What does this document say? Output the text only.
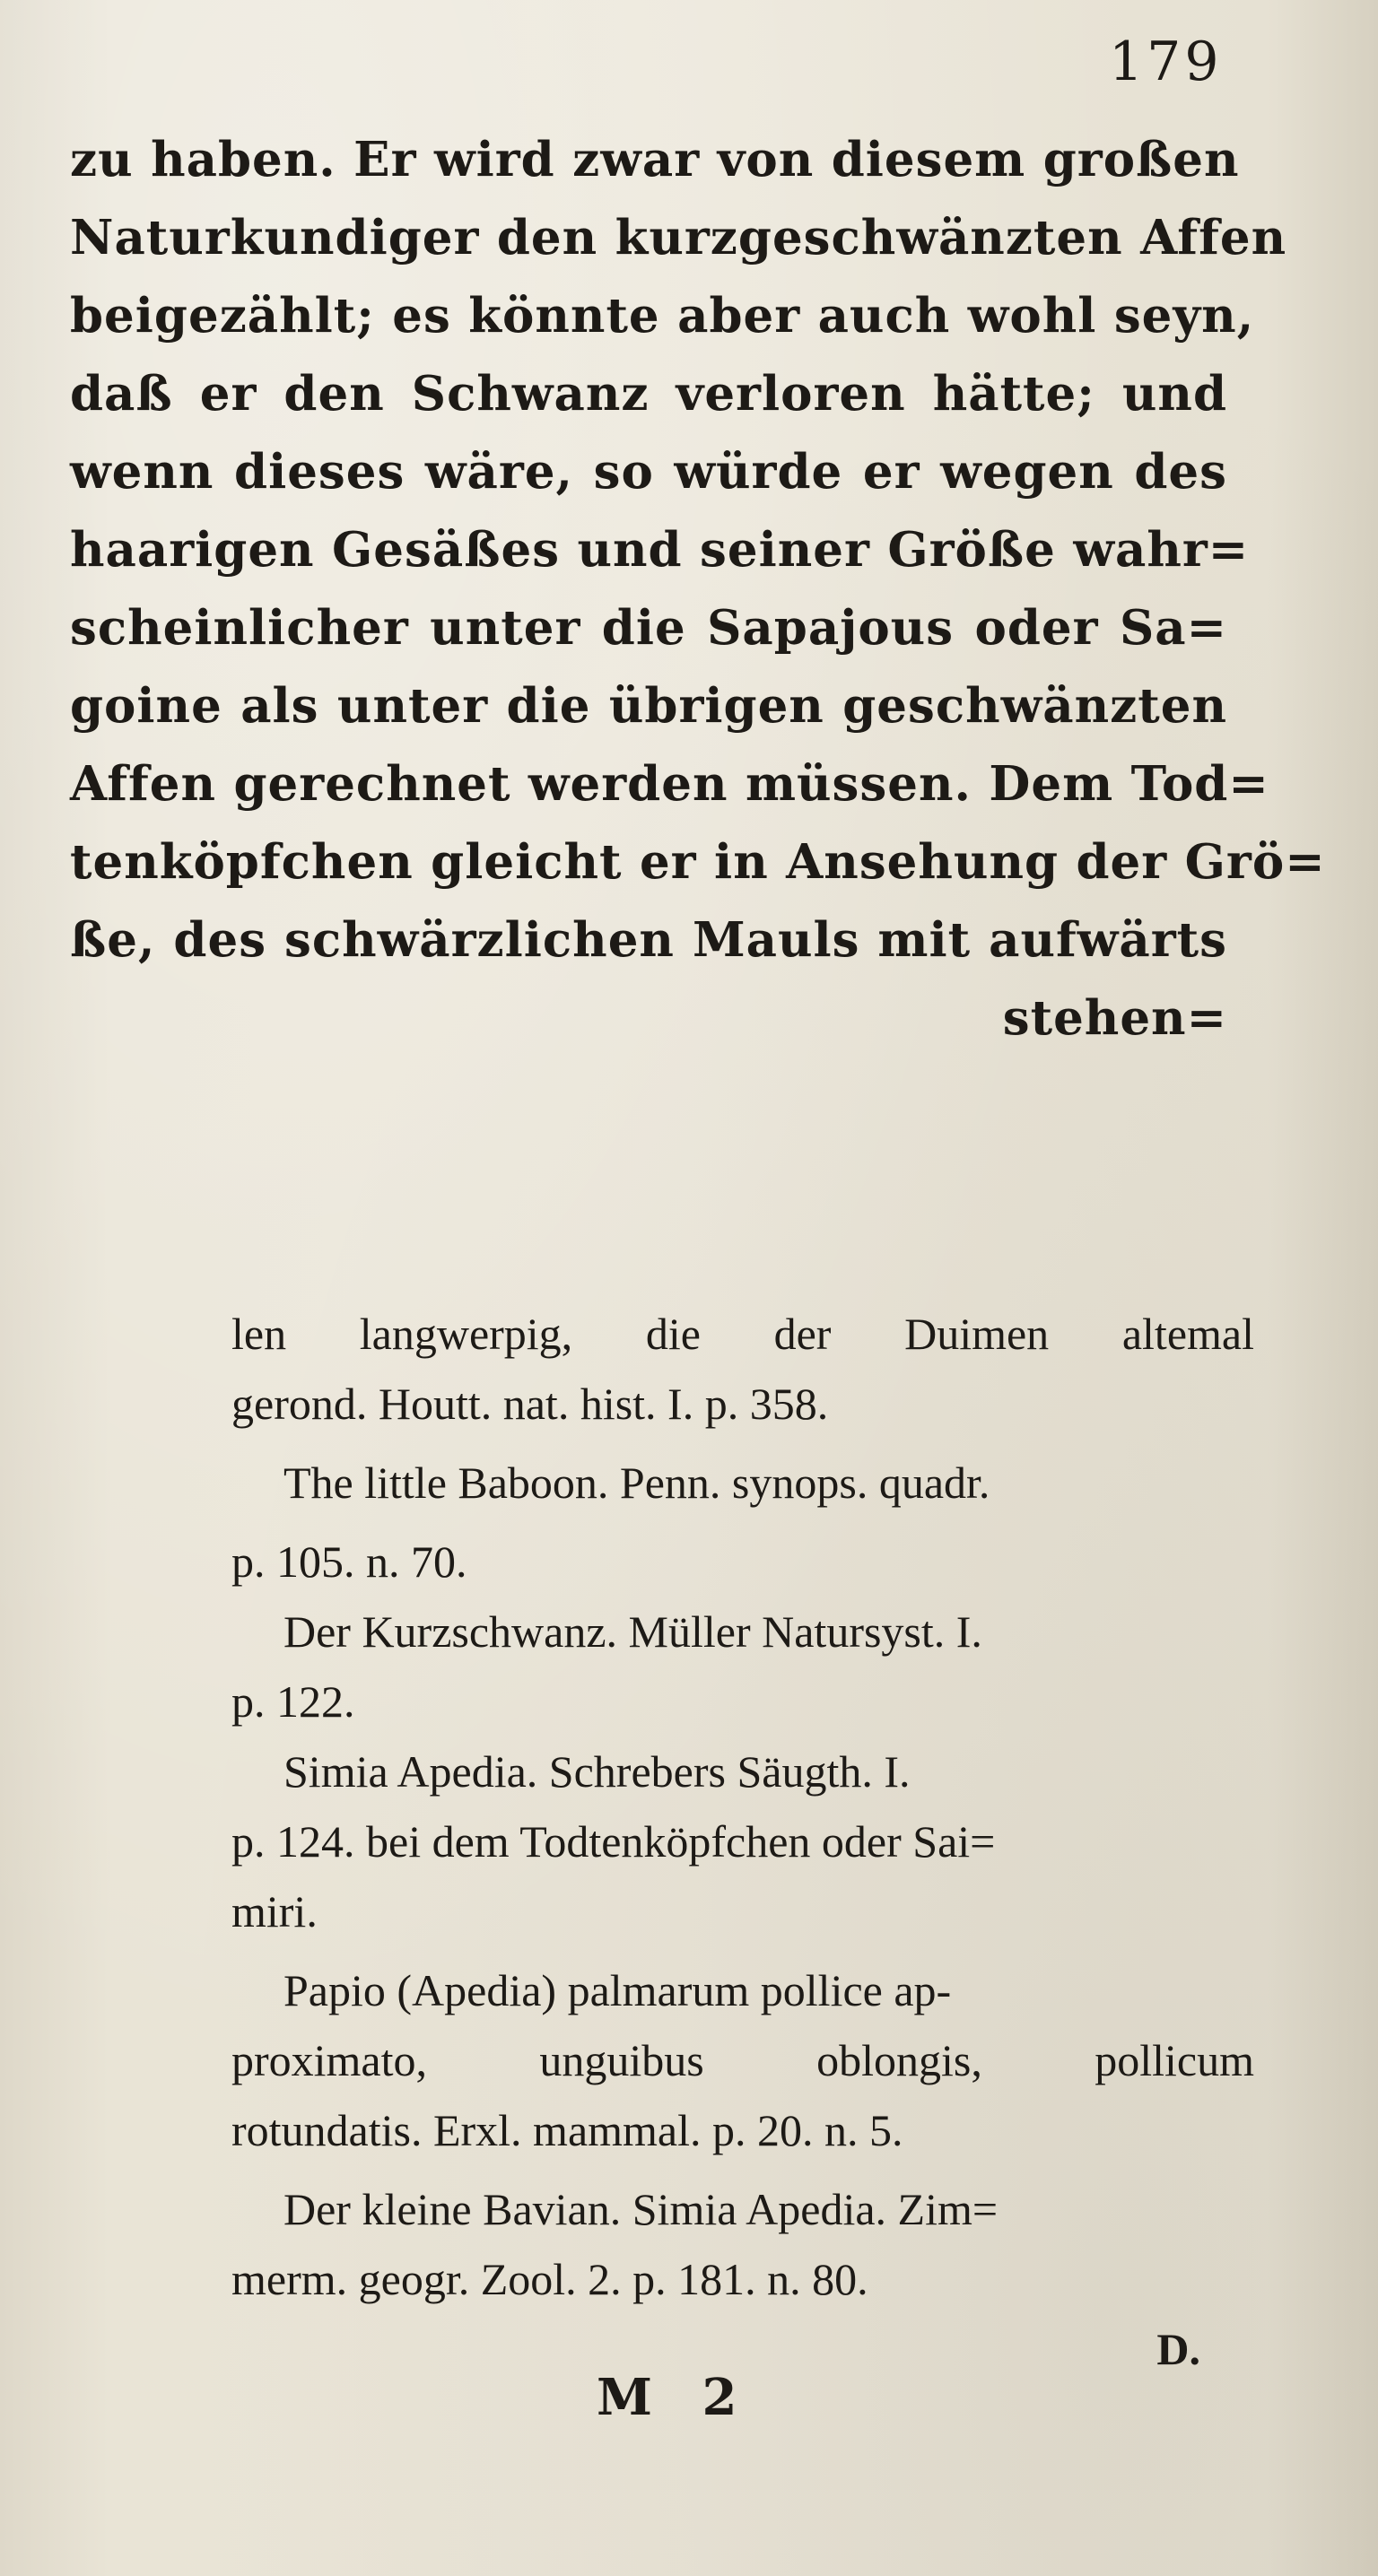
179
zu haben. Er wird zwar von diesem großen
Naturkundiger den kurzgeschwänzten Affen
beigezählt; es könnte aber auch wohl seyn,
daß er den Schwanz verloren hätte; und
wenn dieses wäre, so würde er wegen des
haarigen Gesäßes und seiner Größe wahr=
scheinlicher unter die Sapajous oder Sa=
goine als unter die übrigen geschwänzten
Affen gerechnet werden müssen. Dem Tod=
tenköpfchen gleicht er in Ansehung der Grö=
ße, des schwärzlichen Mauls mit aufwärts
stehen=
len langwerpig, die der Duimen altemal
gerond. Houtt. nat. hist. I. p. 358.
The little Baboon. Penn. synops. quadr.
p. 105. n. 70.
Der Kurzschwanz. Müller Natursyst. I.
p. 122.
Simia Apedia. Schrebers Säugth. I.
p. 124. bei dem Todtenköpfchen oder Sai=
miri.
Papio (Apedia) palmarum pollice ap-
proximato, unguibus oblongis, pollicum
rotundatis. Erxl. mammal. p. 20. n. 5.
Der kleine Bavian. Simia Apedia. Zim=
merm. geogr. Zool. 2. p. 181. n. 80.
D.
M 2
